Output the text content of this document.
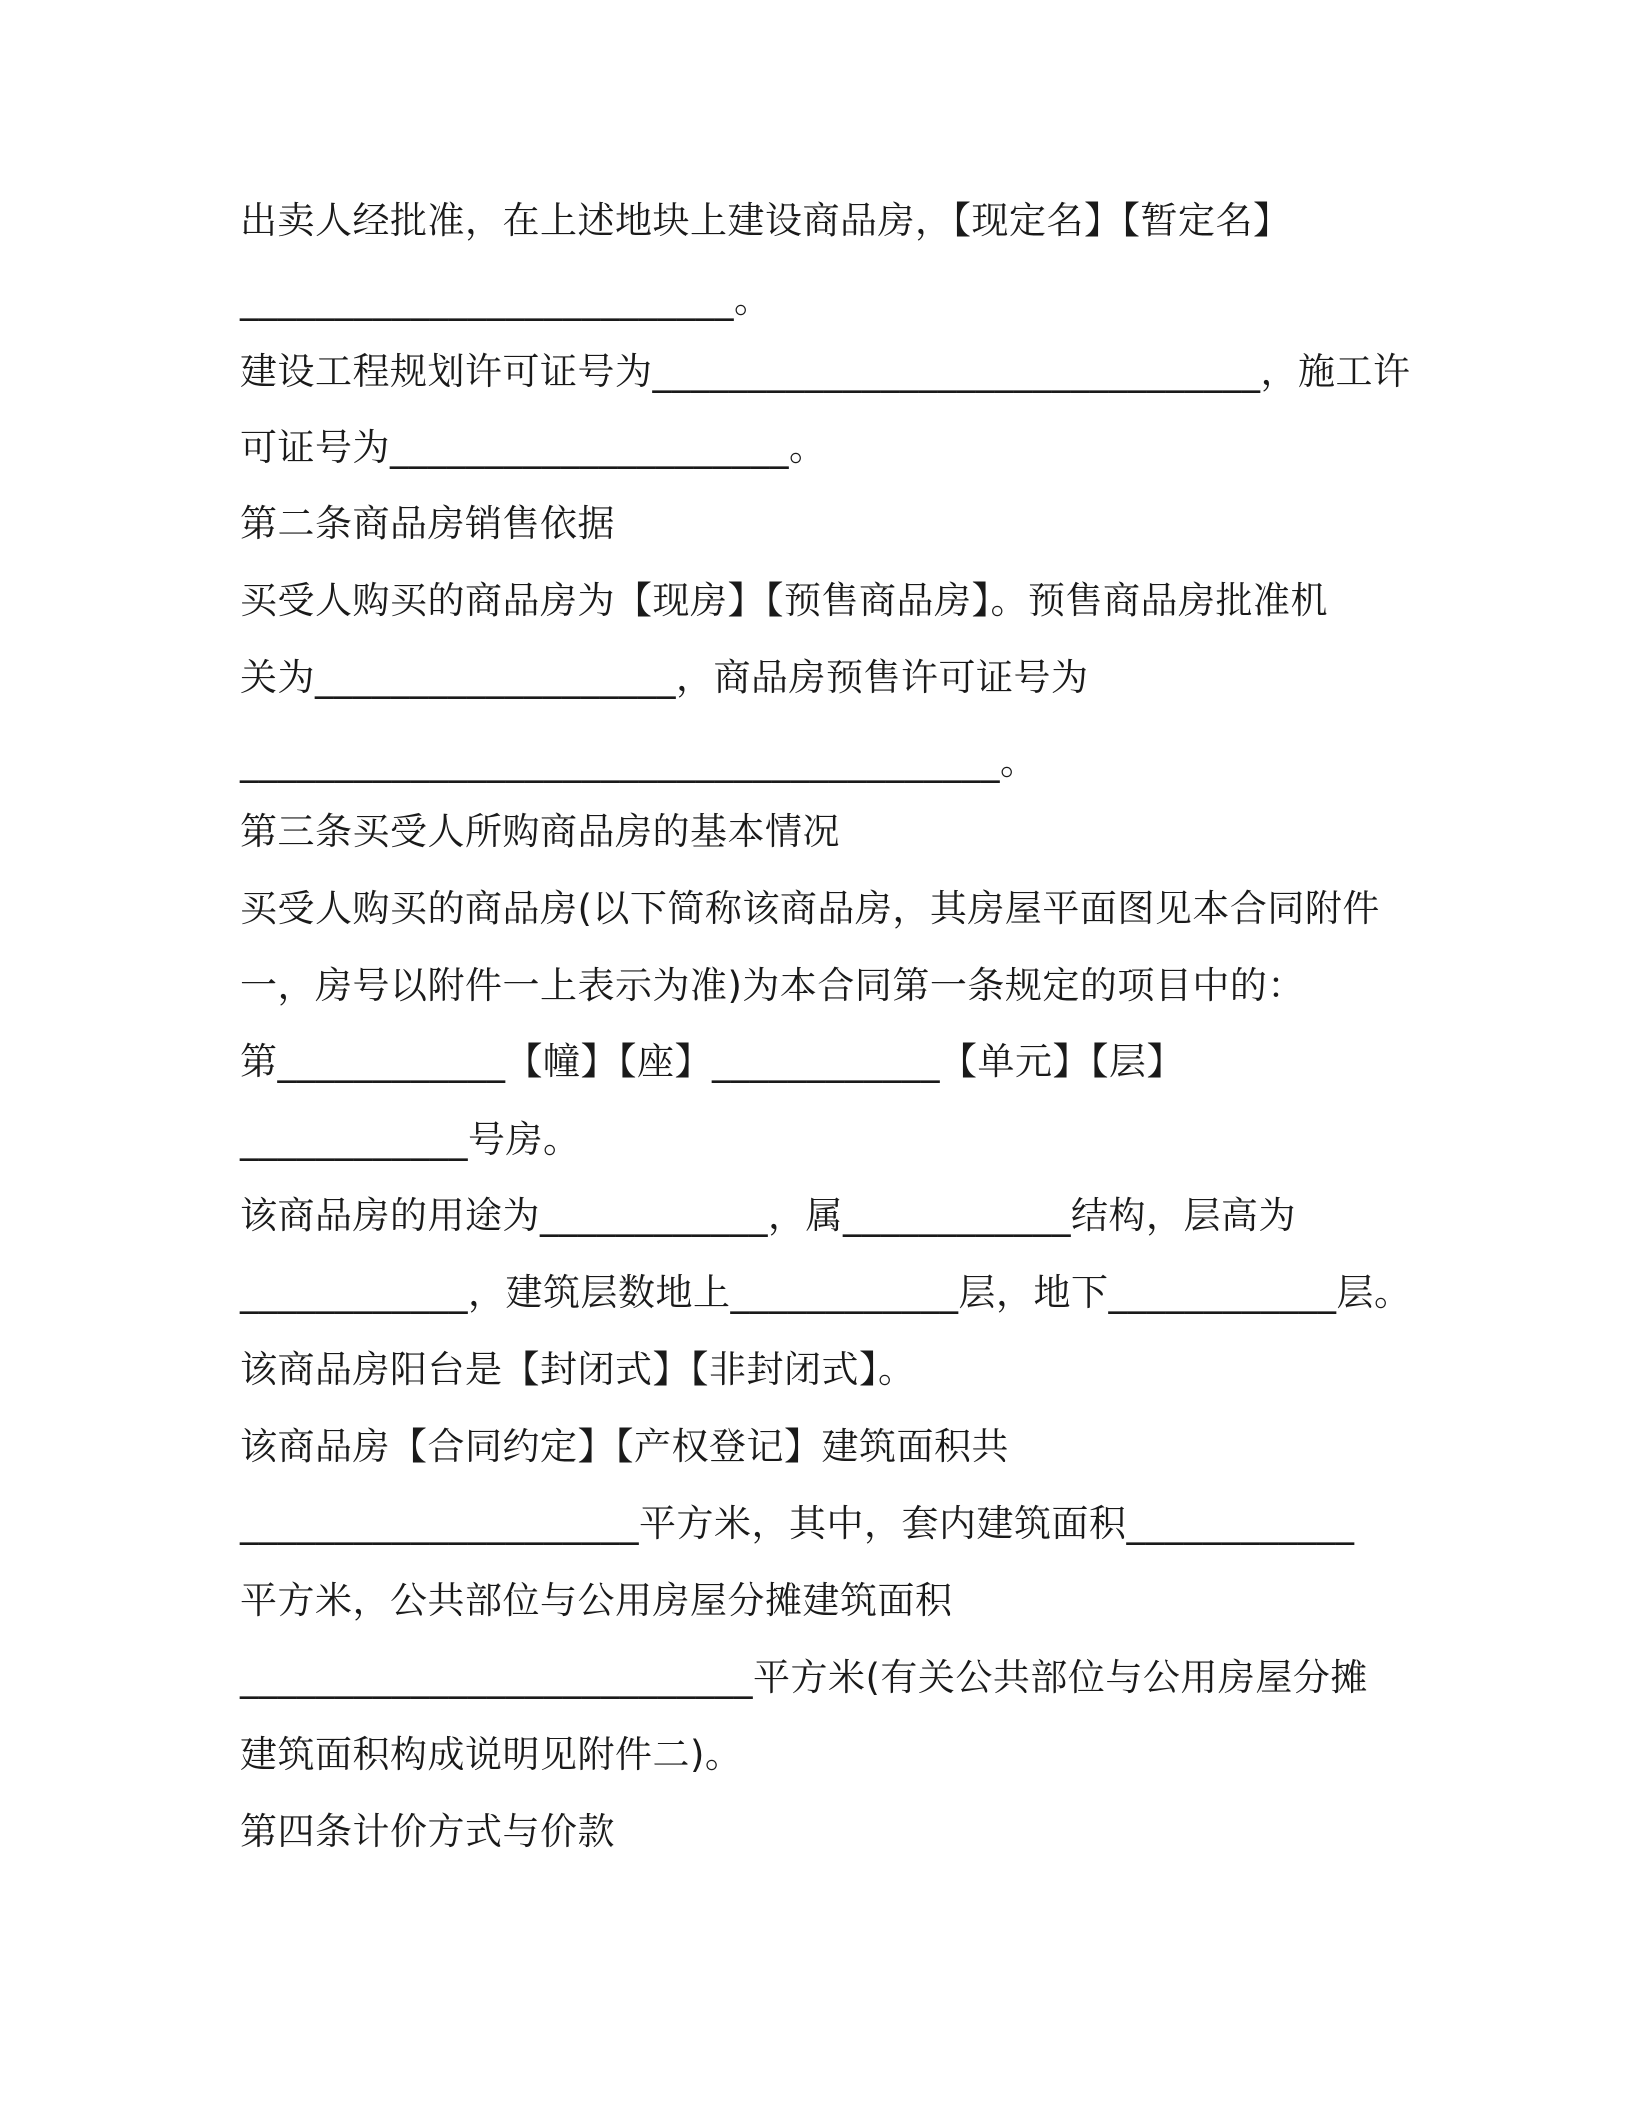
出卖人经批准，在上述地块上建设商品房，【现定名】【暂定名】
__________________________。
建设工程规划许可证号为________________________________，施工许
可证号为_____________________。
第二条商品房销售依据
买受人购买的商品房为【现房】【预售商品房】。预售商品房批准机
关为___________________，商品房预售许可证号为
________________________________________。
第三条买受人所购商品房的基本情况
买受人购买的商品房(以下简称该商品房，其房屋平面图见本合同附件
一，房号以附件一上表示为准)为本合同第一条规定的项目中的：
第____________【幢】【座】____________【单元】【层】
____________号房。
该商品房的用途为____________，属____________结构，层高为
____________，建筑层数地上____________层，地下____________层。
该商品房阳台是【封闭式】【非封闭式】。
该商品房【合同约定】【产权登记】建筑面积共
_____________________平方米，其中，套内建筑面积____________
平方米，公共部位与公用房屋分摊建筑面积
___________________________平方米(有关公共部位与公用房屋分摊
建筑面积构成说明见附件二)。
第四条计价方式与价款
